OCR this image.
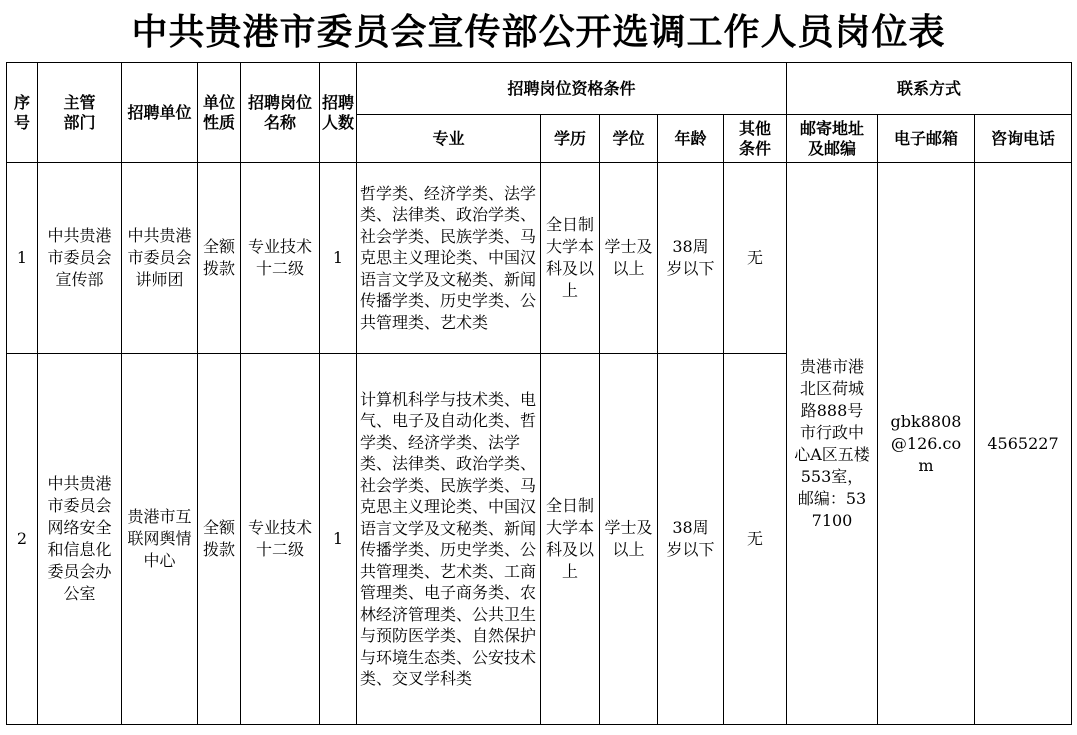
中共贵港市委员会宣传部公开选调工作人员岗位表
序号	主管部门	招聘单位	单位性质	招聘岗位名称	招聘人数	招聘岗位资格条件					联系方式		
						专业	学历	学位	年龄	其他条件	邮寄地址及邮编	电子邮箱	咨询电话
1	中共贵港市委员会宣传部	中共贵港市委员会讲师团	全额拨款	专业技术十二级	1	哲学类、经济学类、法学类、法律类、政治学类、社会学类、民族学类、马克思主义理论类、中国汉语言文学及文秘类、新闻传播学类、历史学类、公共管理类、艺术类	全日制大学本科及以上	学士及以上	38周岁以下	无	贵港市港北区荷城路888号市行政中心A区五楼553室，邮编：537100	gbk8808@126.com	4565227
2	中共贵港市委员会网络安全和信息化委员会办公室	贵港市互联网舆情中心	全额拨款	专业技术十二级	1	计算机科学与技术类、电气、电子及自动化类、哲学类、经济学类、法学类、法律类、政治学类、社会学类、民族学类、马克思主义理论类、中国汉语言文学及文秘类、新闻传播学类、历史学类、公共管理类、艺术类、工商管理类、电子商务类、农林经济管理类、公共卫生与预防医学类、自然保护与环境生态类、公安技术类、交叉学科类	全日制大学本科及以上	学士及以上	38周岁以下	无			
